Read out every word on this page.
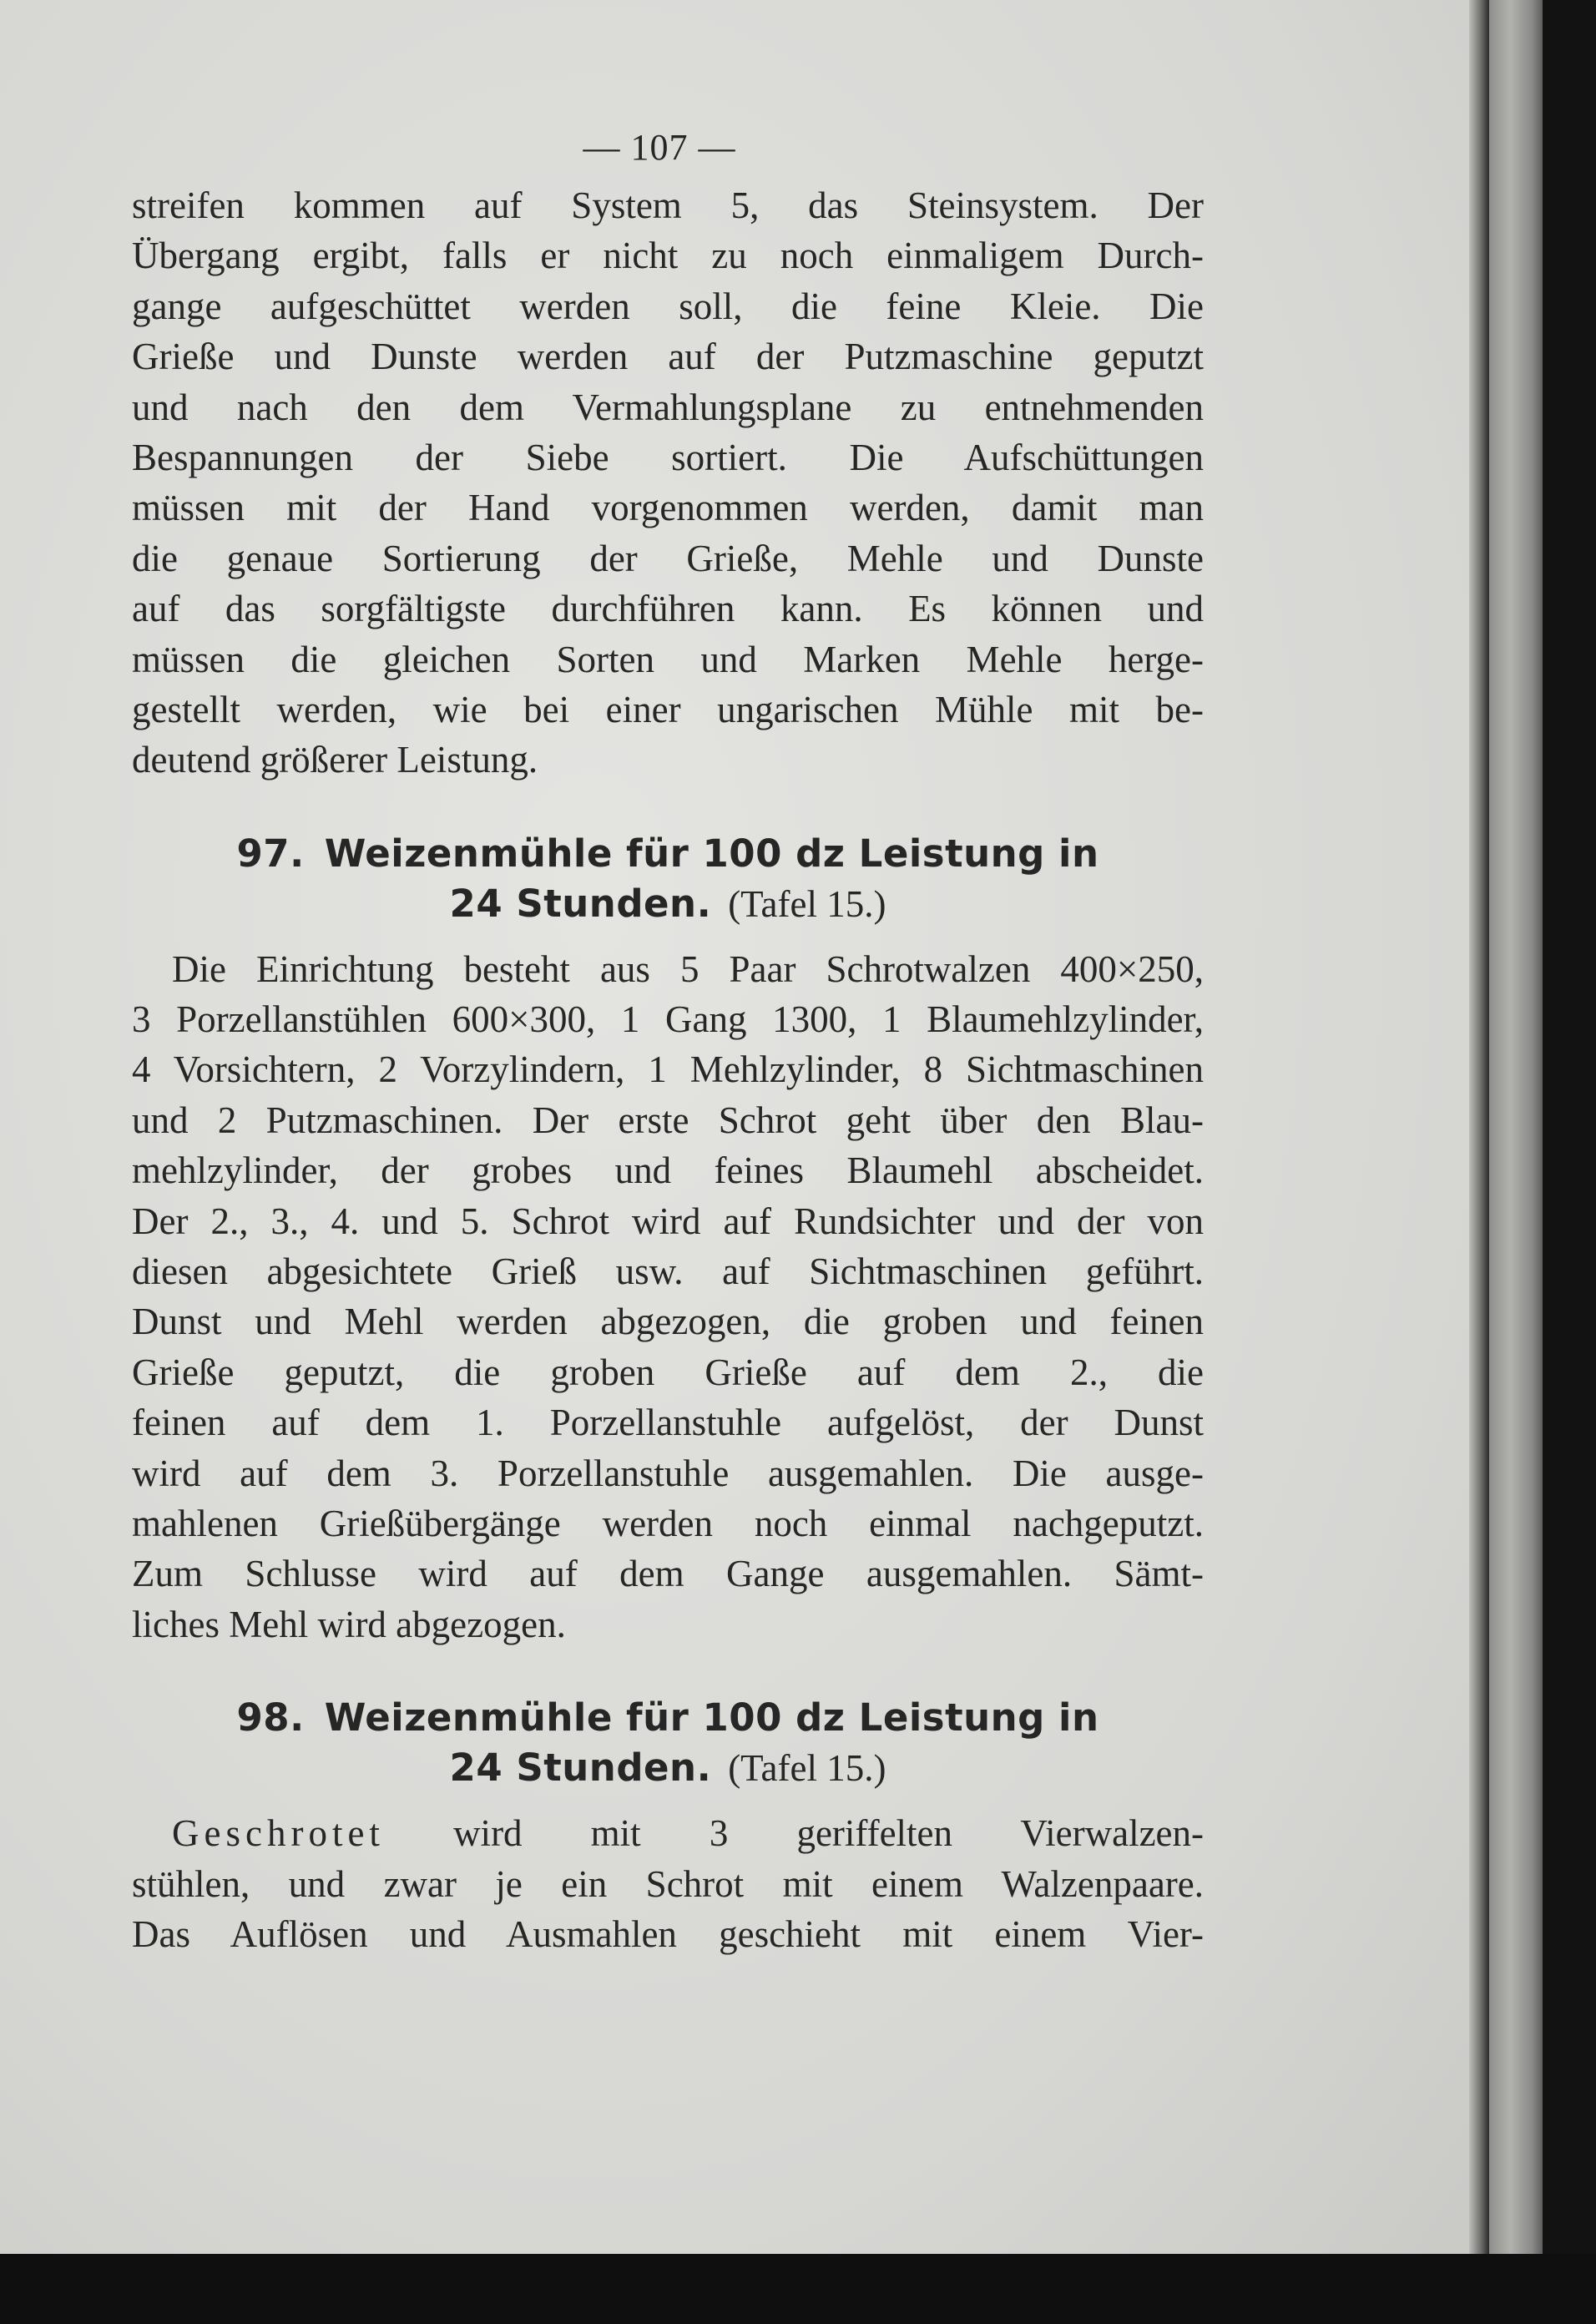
— 107 —
streifen kommen auf System 5, das Steinsystem. Der
Übergang ergibt, falls er nicht zu noch einmaligem Durch-
gange aufgeschüttet werden soll, die feine Kleie. Die
Grieße und Dunste werden auf der Putzmaschine geputzt
und nach den dem Vermahlungsplane zu entnehmenden
Bespannungen der Siebe sortiert. Die Aufschüttungen
müssen mit der Hand vorgenommen werden, damit man
die genaue Sortierung der Grieße, Mehle und Dunste
auf das sorgfältigste durchführen kann. Es können und
müssen die gleichen Sorten und Marken Mehle herge-
gestellt werden, wie bei einer ungarischen Mühle mit be-
deutend größerer Leistung.
97. Weizenmühle für 100 dz Leistung in
24 Stunden. (Tafel 15.)
Die Einrichtung besteht aus 5 Paar Schrotwalzen 400×250,
3 Porzellanstühlen 600×300, 1 Gang 1300, 1 Blaumehlzylinder,
4 Vorsichtern, 2 Vorzylindern, 1 Mehlzylinder, 8 Sichtmaschinen
und 2 Putzmaschinen. Der erste Schrot geht über den Blau-
mehlzylinder, der grobes und feines Blaumehl abscheidet.
Der 2., 3., 4. und 5. Schrot wird auf Rundsichter und der von
diesen abgesichtete Grieß usw. auf Sichtmaschinen geführt.
Dunst und Mehl werden abgezogen, die groben und feinen
Grieße geputzt, die groben Grieße auf dem 2., die
feinen auf dem 1. Porzellanstuhle aufgelöst, der Dunst
wird auf dem 3. Porzellanstuhle ausgemahlen. Die ausge-
mahlenen Grießübergänge werden noch einmal nachgeputzt.
Zum Schlusse wird auf dem Gange ausgemahlen. Sämt-
liches Mehl wird abgezogen.
98. Weizenmühle für 100 dz Leistung in
24 Stunden. (Tafel 15.)
Geschrotet wird mit 3 geriffelten Vierwalzen-
stühlen, und zwar je ein Schrot mit einem Walzenpaare.
Das Auflösen und Ausmahlen geschieht mit einem Vier-
